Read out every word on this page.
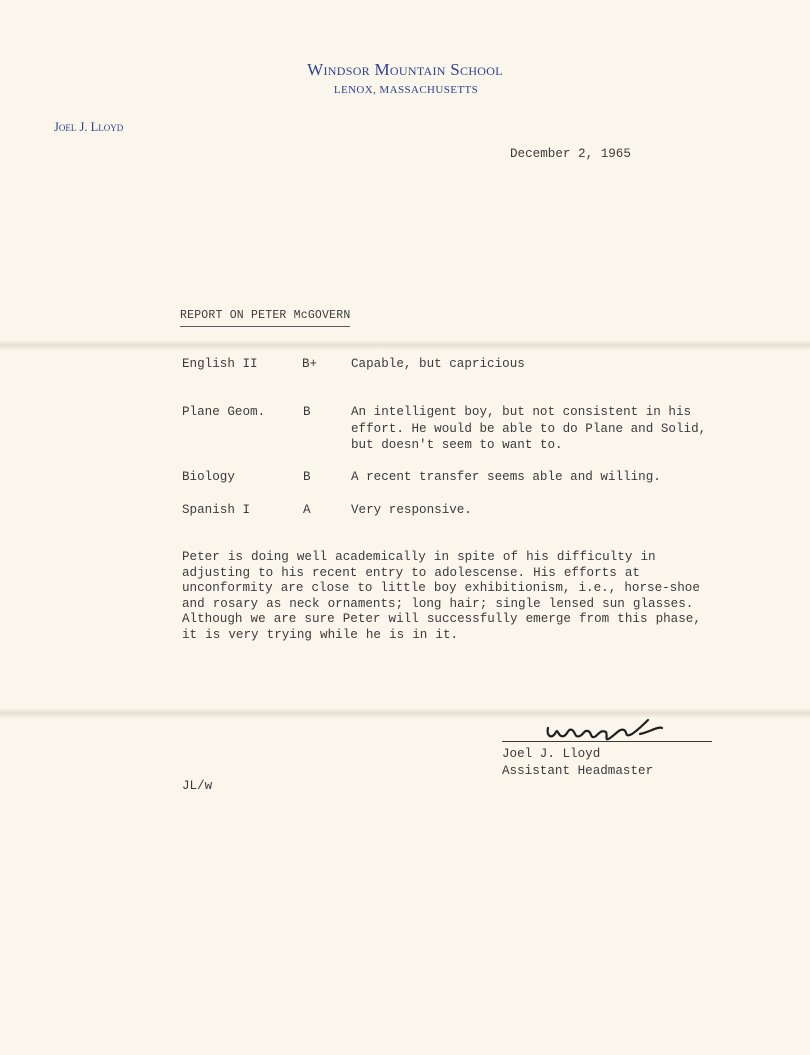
Windsor Mountain School
LENOX, MASSACHUSETTS
Joel J. Lloyd
December 2, 1965
REPORT ON PETER McGOVERN
English II	B+	Capable, but capricious
Plane Geom.	B	An intelligent boy, but not consistent in his effort. He would be able to do Plane and Solid, but doesn't seem to want to.
Biology	B	A recent transfer seems able and willing.
Spanish I	A	Very responsive.
Peter is doing well academically in spite of his difficulty in adjusting to his recent entry to adolescense. His efforts at unconformity are close to little boy exhibitionism, i.e., horse-shoe and rosary as neck ornaments; long hair; single lensed sun glasses. Although we are sure Peter will successfully emerge from this phase, it is very trying while he is in it.
Joel J. Lloyd
Assistant Headmaster
JL/w
